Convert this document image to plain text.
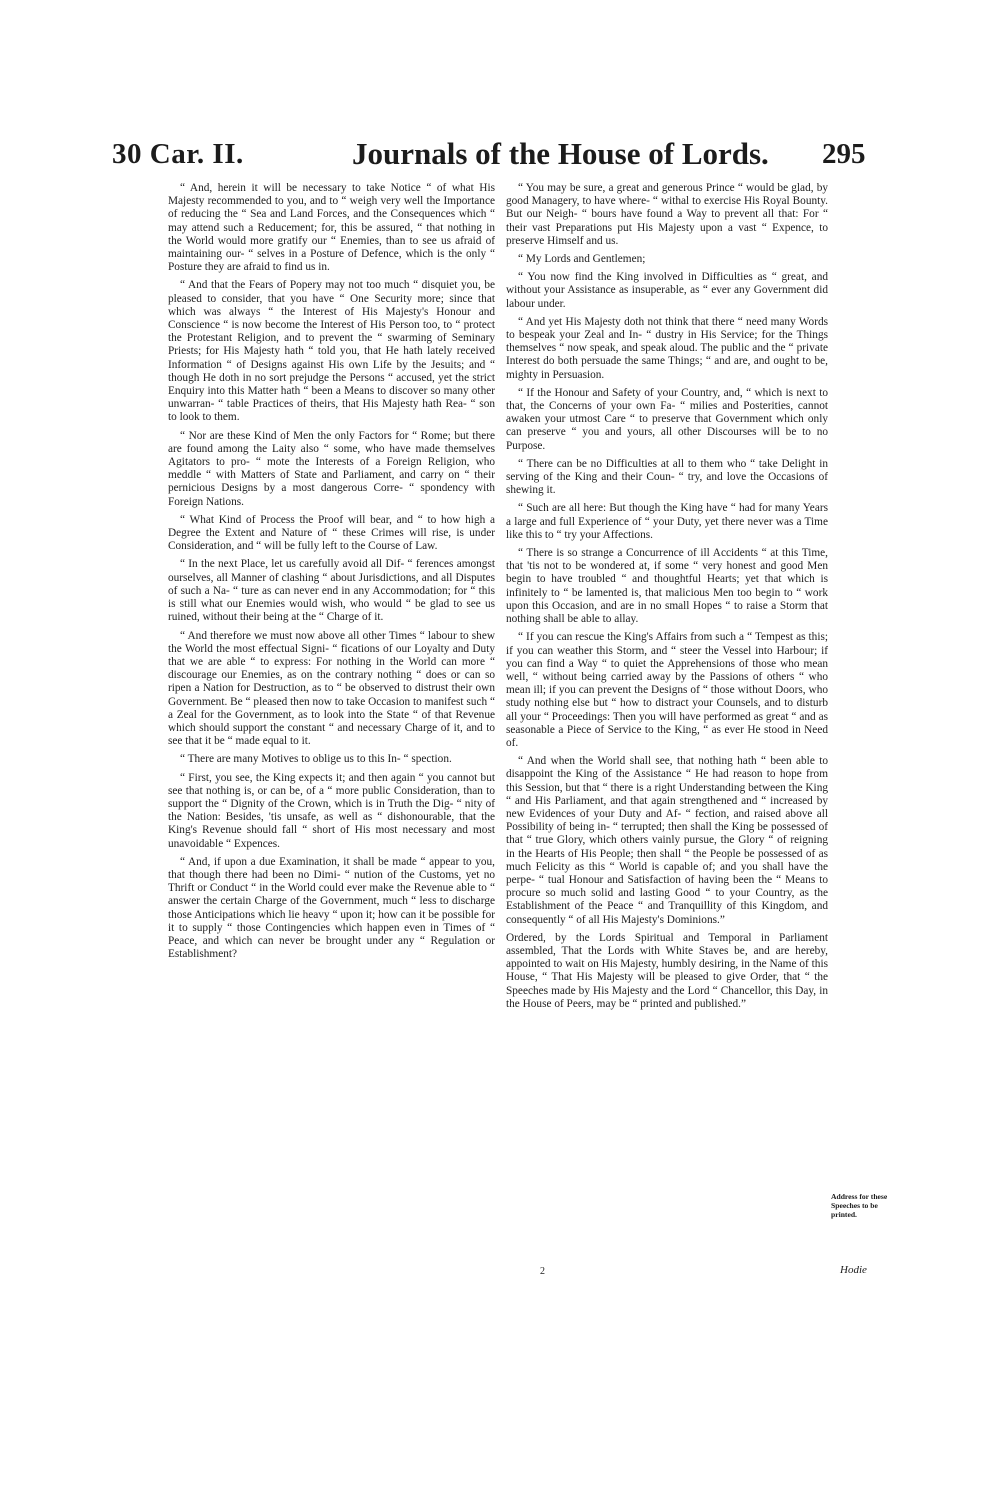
30 Car. II.	Journals of the House of Lords. 295

“ And, herein it will be necessary to take Notice “ of what His Majesty recommended to you, and to “ weigh very well the Importance of reducing the “ Sea and Land Forces, and the Consequences which “ may attend such a Reducement; for, this be assured, “ that nothing in the World would more gratify our “ Enemies, than to see us afraid of maintaining our- “ selves in a Posture of Defence, which is the only “ Posture they are afraid to find us in.

“ And that the Fears of Popery may not too much “ disquiet you, be pleased to consider, that you have “ One Security more; since that which was always “ the Interest of His Majesty's Honour and Conscience “ is now become the Interest of His Person too, to “ protect the Protestant Religion, and to prevent the “ swarming of Seminary Priests; for His Majesty hath “ told you, that He hath lately received Information “ of Designs against His own Life by the Jesuits; and “ though He doth in no sort prejudge the Persons “ accused, yet the strict Enquiry into this Matter hath “ been a Means to discover so many other unwarran- “ table Practices of theirs, that His Majesty hath Rea- “ son to look to them.

“ Nor are these Kind of Men the only Factors for “ Rome; but there are found among the Laity also “ some, who have made themselves Agitators to pro- “ mote the Interests of a Foreign Religion, who meddle “ with Matters of State and Parliament, and carry on “ their pernicious Designs by a most dangerous Corre- “ spondency with Foreign Nations.

“ What Kind of Process the Proof will bear, and “ to how high a Degree the Extent and Nature of “ these Crimes will rise, is under Consideration, and “ will be fully left to the Course of Law.

“ In the next Place, let us carefully avoid all Dif- “ ferences amongst ourselves, all Manner of clashing “ about Jurisdictions, and all Disputes of such a Na- “ ture as can never end in any Accommodation; for “ this is still what our Enemies would wish, who would “ be glad to see us ruined, without their being at the “ Charge of it.

“ And therefore we must now above all other Times “ labour to shew the World the most effectual Signi- “ fications of our Loyalty and Duty that we are able “ to express: For nothing in the World can more “ discourage our Enemies, as on the contrary nothing “ does or can so ripen a Nation for Destruction, as to “ be observed to distrust their own Government. Be “ pleased then now to take Occasion to manifest such “ a Zeal for the Government, as to look into the State “ of that Revenue which should support the constant “ and necessary Charge of it, and to see that it be “ made equal to it.

“ There are many Motives to oblige us to this In- “ spection.

“ First, you see, the King expects it; and then again “ you cannot but see that nothing is, or can be, of a “ more public Consideration, than to support the “ Dignity of the Crown, which is in Truth the Dig- “ nity of the Nation: Besides, 'tis unsafe, as well as “ dishonourable, that the King's Revenue should fall “ short of His most necessary and most unavoidable “ Expences.

“ And, if upon a due Examination, it shall be made “ appear to you, that though there had been no Dimi- “ nution of the Customs, yet no Thrift or Conduct “ in the World could ever make the Revenue able to “ answer the certain Charge of the Government, much “ less to discharge those Anticipations which lie heavy “ upon it; how can it be possible for it to supply “ those Contingencies which happen even in Times of “ Peace, and which can never be brought under any “ Regulation or Establishment?

“ You may be sure, a great and generous Prince “ would be glad, by good Managery, to have where- “ withal to exercise His Royal Bounty. But our Neigh- “ bours have found a Way to prevent all that: For “ their vast Preparations put His Majesty upon a vast “ Expence, to preserve Himself and us.

“ My Lords and Gentlemen;

“ You now find the King involved in Difficulties as “ great, and without your Assistance as insuperable, as “ ever any Government did labour under.

“ And yet His Majesty doth not think that there “ need many Words to bespeak your Zeal and In- “ dustry in His Service; for the Things themselves “ now speak, and speak aloud. The public and the “ private Interest do both persuade the same Things; “ and are, and ought to be, mighty in Persuasion.

“ If the Honour and Safety of your Country, and, “ which is next to that, the Concerns of your own Fa- “ milies and Posterities, cannot awaken your utmost Care “ to preserve that Government which only can preserve “ you and yours, all other Discourses will be to no Purpose.

“ There can be no Difficulties at all to them who “ take Delight in serving of the King and their Coun- “ try, and love the Occasions of shewing it.

“ Such are all here: But though the King have “ had for many Years a large and full Experience of “ your Duty, yet there never was a Time like this to “ try your Affections.

“ There is so strange a Concurrence of ill Accidents “ at this Time, that 'tis not to be wondered at, if some “ very honest and good Men begin to have troubled “ and thoughtful Hearts; yet that which is infinitely to “ be lamented is, that malicious Men too begin to “ work upon this Occasion, and are in no small Hopes “ to raise a Storm that nothing shall be able to allay.

“ If you can rescue the King's Affairs from such a “ Tempest as this; if you can weather this Storm, and “ steer the Vessel into Harbour; if you can find a Way “ to quiet the Apprehensions of those who mean well, “ without being carried away by the Passions of others “ who mean ill; if you can prevent the Designs of “ those without Doors, who study nothing else but “ how to distract your Counsels, and to disturb all your “ Proceedings: Then you will have performed as great “ and as seasonable a Piece of Service to the King, “ as ever He stood in Need of.

“ And when the World shall see, that nothing hath “ been able to disappoint the King of the Assistance “ He had reason to hope from this Session, but that “ there is a right Understanding between the King “ and His Parliament, and that again strengthened and “ increased by new Evidences of your Duty and Af- “ fection, and raised above all Possibility of being in- “ terrupted; then shall the King be possessed of that “ true Glory, which others vainly pursue, the Glory “ of reigning in the Hearts of His People; then shall “ the People be possessed of as much Felicity as this “ World is capable of; and you shall have the perpe- “ tual Honour and Satisfaction of having been the “ Means to procure so much solid and lasting Good “ to your Country, as the Establishment of the Peace “ and Tranquillity of this Kingdom, and consequently “ of all His Majesty's Dominions.”

Ordered, by the Lords Spiritual and Temporal in Parliament assembled, That the Lords with White Staves be, and are hereby, appointed to wait on His Majesty, humbly desiring, in the Name of this House, “ That His Majesty will be pleased to give Order, that “ the Speeches made by His Majesty and the Lord “ Chancellor, this Day, in the House of Peers, may be “ printed and published.”

Address for these Speeches to be printed.
2	Hodie
